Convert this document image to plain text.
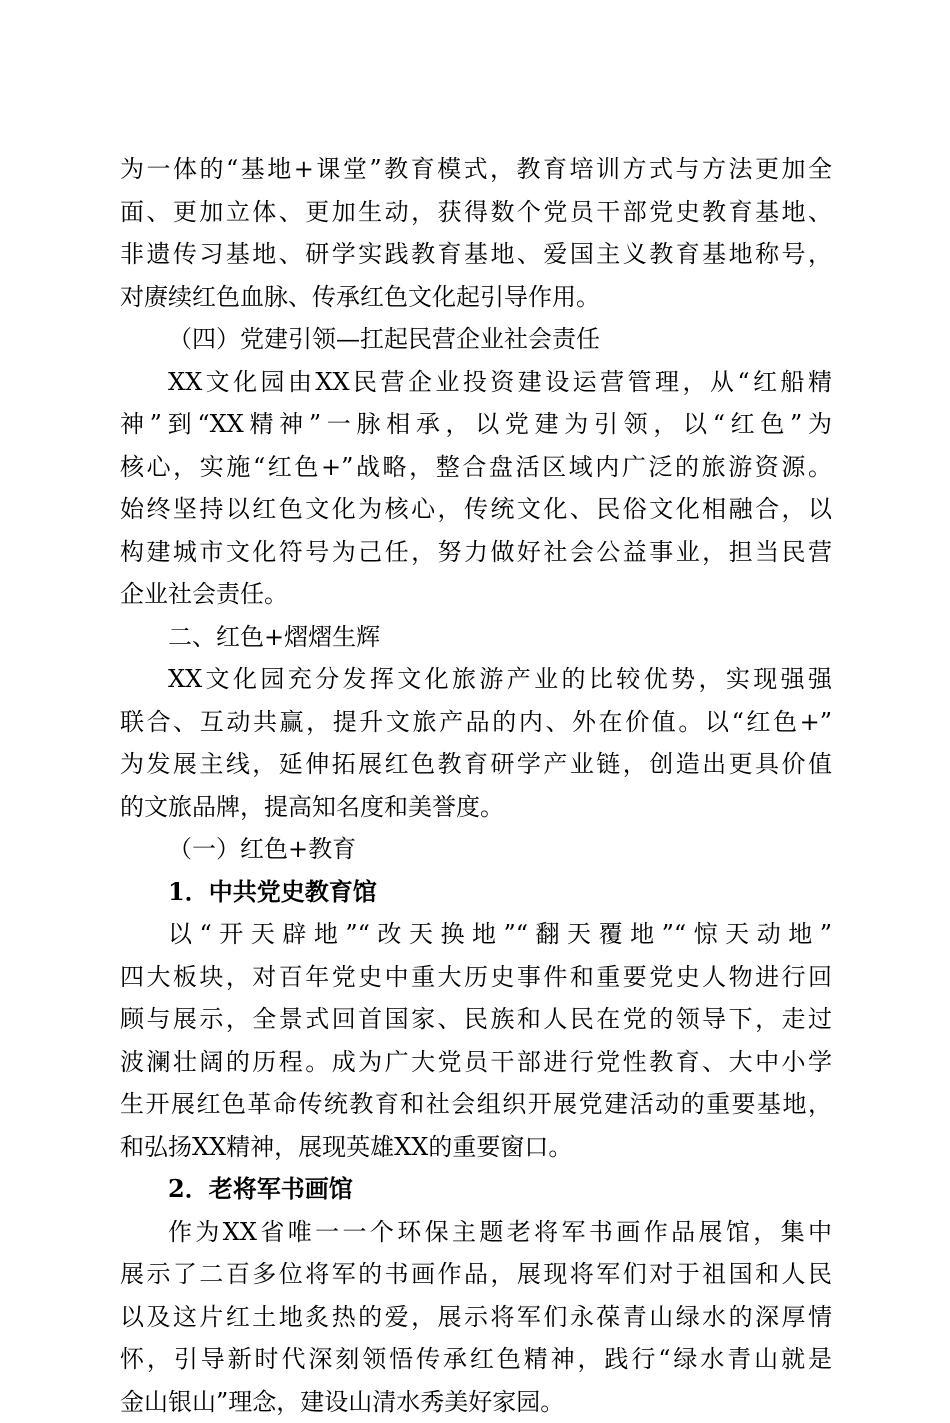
为一体的“基地+课堂”教育模式，教育培训方式与方法更加全
面、更加立体、更加生动，获得数个党员干部党史教育基地、
非遗传习基地、研学实践教育基地、爱国主义教育基地称号，
对赓续红色血脉、传承红色文化起引导作用。
（四）党建引领—扛起民营企业社会责任
XX文化园由XX民营企业投资建设运营管理，从“红船精
神”到“XX精神”一脉相承，以党建为引领，以“红色”为
核心，实施“红色+”战略，整合盘活区域内广泛的旅游资源。
始终坚持以红色文化为核心，传统文化、民俗文化相融合，以
构建城市文化符号为己任，努力做好社会公益事业，担当民营
企业社会责任。
二、红色+熠熠生辉
XX文化园充分发挥文化旅游产业的比较优势，实现强强
联合、互动共赢，提升文旅产品的内、外在价值。以“红色+”
为发展主线，延伸拓展红色教育研学产业链，创造出更具价值
的文旅品牌，提高知名度和美誉度。
（一）红色+教育
1．中共党史教育馆
以“开天辟地”“改天换地”“翻天覆地”“惊天动地”
四大板块，对百年党史中重大历史事件和重要党史人物进行回
顾与展示，全景式回首国家、民族和人民在党的领导下，走过
波澜壮阔的历程。成为广大党员干部进行党性教育、大中小学
生开展红色革命传统教育和社会组织开展党建活动的重要基地，
和弘扬XX精神，展现英雄XX的重要窗口。
2．老将军书画馆
作为XX省唯一一个环保主题老将军书画作品展馆，集中
展示了二百多位将军的书画作品，展现将军们对于祖国和人民
以及这片红土地炙热的爱，展示将军们永葆青山绿水的深厚情
怀，引导新时代深刻领悟传承红色精神，践行“绿水青山就是
金山银山”理念，建设山清水秀美好家园。
